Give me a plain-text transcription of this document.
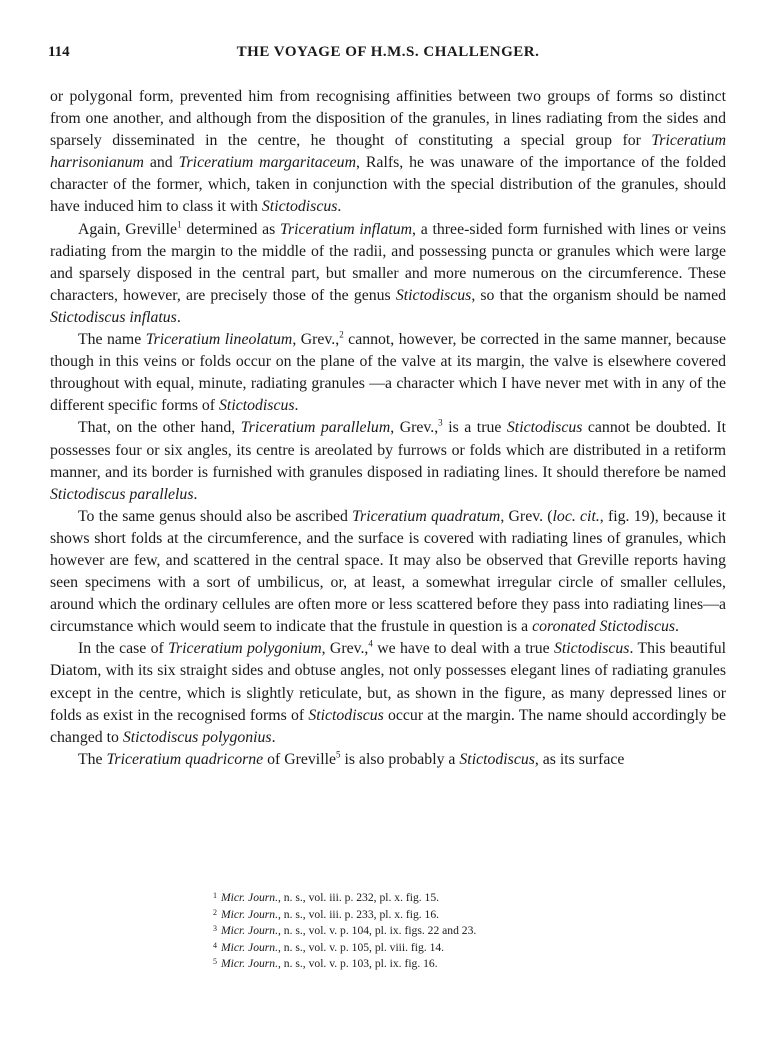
114	THE VOYAGE OF H.M.S. CHALLENGER.

or polygonal form, prevented him from recognising affinities between two groups of forms so distinct from one another, and although from the disposition of the granules, in lines radiating from the sides and sparsely disseminated in the centre, he thought of constituting a special group for Triceratium harrisonianum and Triceratium margaritaceum, Ralfs, he was unaware of the importance of the folded character of the former, which, taken in conjunction with the special distribution of the granules, should have induced him to class it with Stictodiscus.

Again, Greville$^1$ determined as Triceratium inflatum, a three-sided form furnished with lines or veins radiating from the margin to the middle of the radii, and possessing puncta or granules which were large and sparsely disposed in the central part, but smaller and more numerous on the circumference. These characters, however, are precisely those of the genus Stictodiscus, so that the organism should be named Stictodiscus inflatus.

The name Triceratium lineolatum, Grev.,$^2$ cannot, however, be corrected in the same manner, because though in this veins or folds occur on the plane of the valve at its margin, the valve is elsewhere covered throughout with equal, minute, radiating granules —a character which I have never met with in any of the different specific forms of Stictodiscus.

That, on the other hand, Triceratium parallelum, Grev.,$^3$ is a true Stictodiscus cannot be doubted. It possesses four or six angles, its centre is areolated by furrows or folds which are distributed in a retiform manner, and its border is furnished with granules disposed in radiating lines. It should therefore be named Stictodiscus parallelus.

To the same genus should also be ascribed Triceratium quadratum, Grev. (loc. cit., fig. 19), because it shows short folds at the circumference, and the surface is covered with radiating lines of granules, which however are few, and scattered in the central space. It may also be observed that Greville reports having seen specimens with a sort of umbilicus, or, at least, a somewhat irregular circle of smaller cellules, around which the ordinary cellules are often more or less scattered before they pass into radiating lines—a circumstance which would seem to indicate that the frustule in question is a coronated Stictodiscus.

In the case of Triceratium polygonium, Grev.,$^4$ we have to deal with a true Stictodiscus. This beautiful Diatom, with its six straight sides and obtuse angles, not only possesses elegant lines of radiating granules except in the centre, which is slightly reticulate, but, as shown in the figure, as many depressed lines or folds as exist in the recognised forms of Stictodiscus occur at the margin. The name should accordingly be changed to Stictodiscus polygonius.

The Triceratium quadricorne of Greville$^5$ is also probably a Stictodiscus, as its surface

$^1$ Micr. Journ., n. s., vol. iii. p. 232, pl. x. fig. 15.
$^2$ Micr. Journ., n. s., vol. iii. p. 233, pl. x. fig. 16.
$^3$ Micr. Journ., n. s., vol. v. p. 104, pl. ix. figs. 22 and 23.
$^4$ Micr. Journ., n. s., vol. v. p. 105, pl. viii. fig. 14.
$^5$ Micr. Journ., n. s., vol. v. p. 103, pl. ix. fig. 16.
